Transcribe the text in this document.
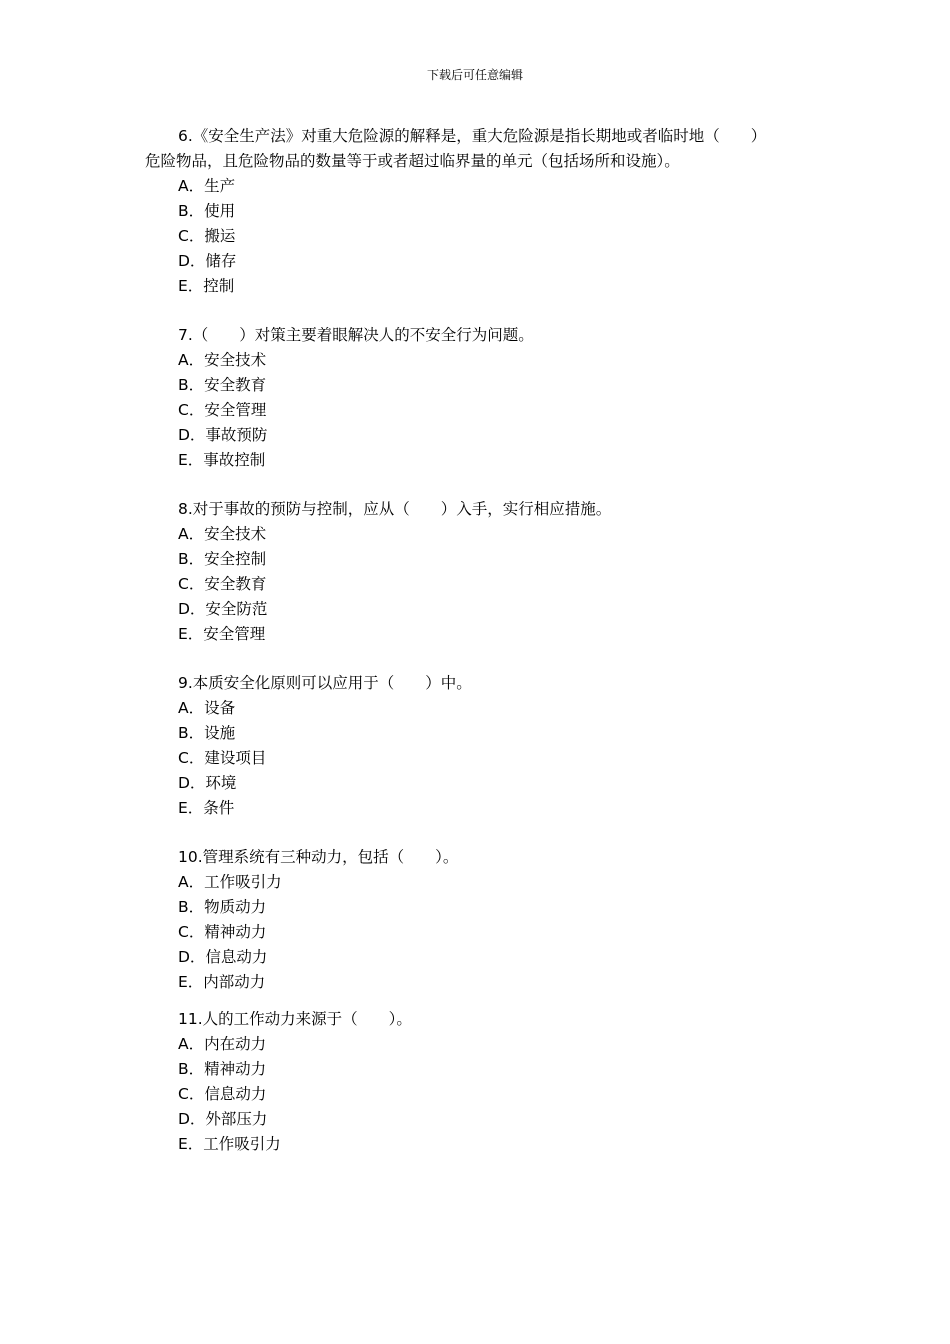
下载后可任意编辑

6.《安全生产法》对重大危险源的解释是，重大危险源是指长期地或者临时地（　　）

危险物品，且危险物品的数量等于或者超过临界量的单元（包括场所和设施）。

A．生产

B．使用

C．搬运

D．储存

E．控制

7.（　　）对策主要着眼解决人的不安全行为问题。

A．安全技术

B．安全教育

C．安全管理

D．事故预防

E．事故控制

8.对于事故的预防与控制，应从（　　）入手，实行相应措施。

A．安全技术

B．安全控制

C．安全教育

D．安全防范

E．安全管理

9.本质安全化原则可以应用于（　　）中。

A．设备

B．设施

C．建设项目

D．环境

E．条件

10.管理系统有三种动力，包括（　　）。

A．工作吸引力

B．物质动力

C．精神动力

D．信息动力

E．内部动力

11.人的工作动力来源于（　　）。

A．内在动力

B．精神动力

C．信息动力

D．外部压力

E．工作吸引力
